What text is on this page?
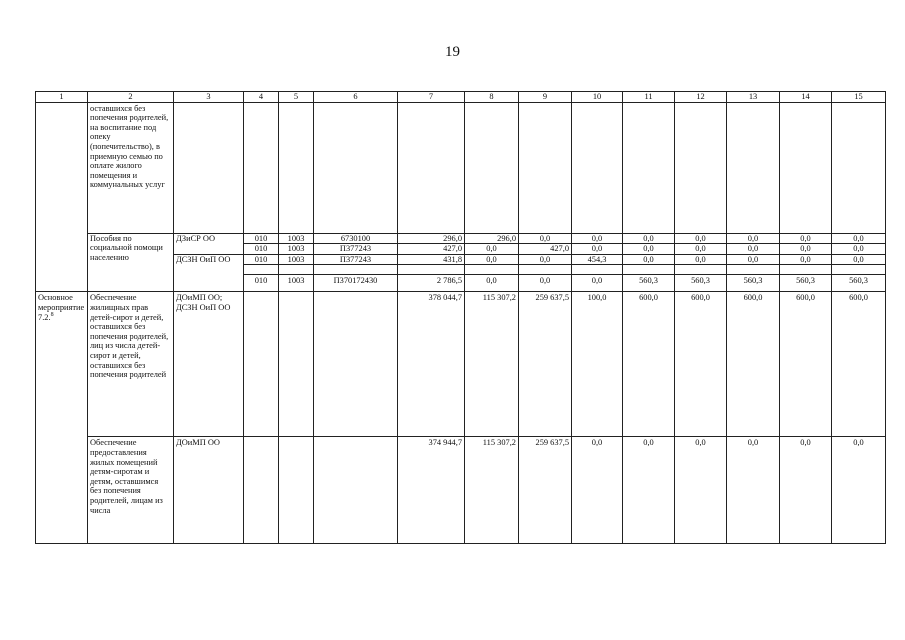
19
1	2	3	4	5	6	7	8	9	10	11	12	13	14	15
	оставшихся без попечения родителей, на воспитание под опеку (попечительство), в приемную семью по оплате жилого помещения и коммунальных услуг													
	Пособия по социальной помощи населению	ДЗиСР ОО	010	1003	6730100	296,0	296,0	0,0	0,0	0,0	0,0	0,0	0,0	0,0
			010	1003	П377243	427,0	0,0	427,0	0,0	0,0	0,0	0,0	0,0	0,0
		ДСЗН ОиП ОО	010	1003	П377243	431,8	0,0	0,0	454,3	0,0	0,0	0,0	0,0	0,0

			010	1003	П370172430	2 786,5	0,0	0,0	0,0	560,3	560,3	560,3	560,3	560,3
Основное мероприятие 7.2.$^8$	Обеспечение жилищных прав детей-сирот и детей, оставшихся без попечения родителей, лиц из числа детей-сирот и детей, оставшихся без попечения родителей	ДОиМП ОО; ДСЗН ОиП ОО				378 044,7	115 307,2	259 637,5	100,0	600,0	600,0	600,0	600,0	600,0
	Обеспечение предоставления жилых помещений детям-сиротам и детям, оставшимся без попечения родителей, лицам из числа	ДОиМП ОО				374 944,7	115 307,2	259 637,5	0,0	0,0	0,0	0,0	0,0	0,0
